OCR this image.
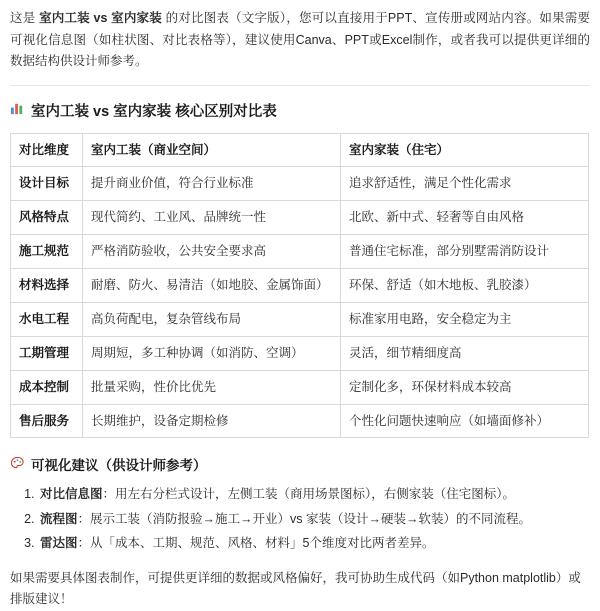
这是 室内工装 vs 室内家装 的对比图表（文字版），您可以直接用于PPT、宣传册或网站内容。如果需要可视化信息图（如柱状图、对比表格等），建议使用Canva、PPT或Excel制作，或者我可以提供更详细的数据结构供设计师参考。

室内工装 vs 室内家装 核心区别对比表
对比维度	室内工装（商业空间）	室内家装（住宅）
设计目标	提升商业价值，符合行业标准	追求舒适性，满足个性化需求
风格特点	现代简约、工业风、品牌统一性	北欧、新中式、轻奢等自由风格
施工规范	严格消防验收，公共安全要求高	普通住宅标准，部分别墅需消防设计
材料选择	耐磨、防火、易清洁（如地胶、金属饰面）	环保、舒适（如木地板、乳胶漆）
水电工程	高负荷配电，复杂管线布局	标准家用电路，安全稳定为主
工期管理	周期短，多工种协调（如消防、空调）	灵活，细节精细度高
成本控制	批量采购，性价比优先	定制化多，环保材料成本较高
售后服务	长期维护，设备定期检修	个性化问题快速响应（如墙面修补）
可视化建议（供设计师参考）
1. 对比信息图：用左右分栏式设计，左侧工装（商用场景图标），右侧家装（住宅图标）。
2. 流程图：展示工装（消防报验→施工→开业）vs 家装（设计→硬装→软装）的不同流程。
3. 雷达图：从「成本、工期、规范、风格、材料」5个维度对比两者差异。

如果需要具体图表制作，可提供更详细的数据或风格偏好，我可协助生成代码（如Python matplotlib）或排版建议！
